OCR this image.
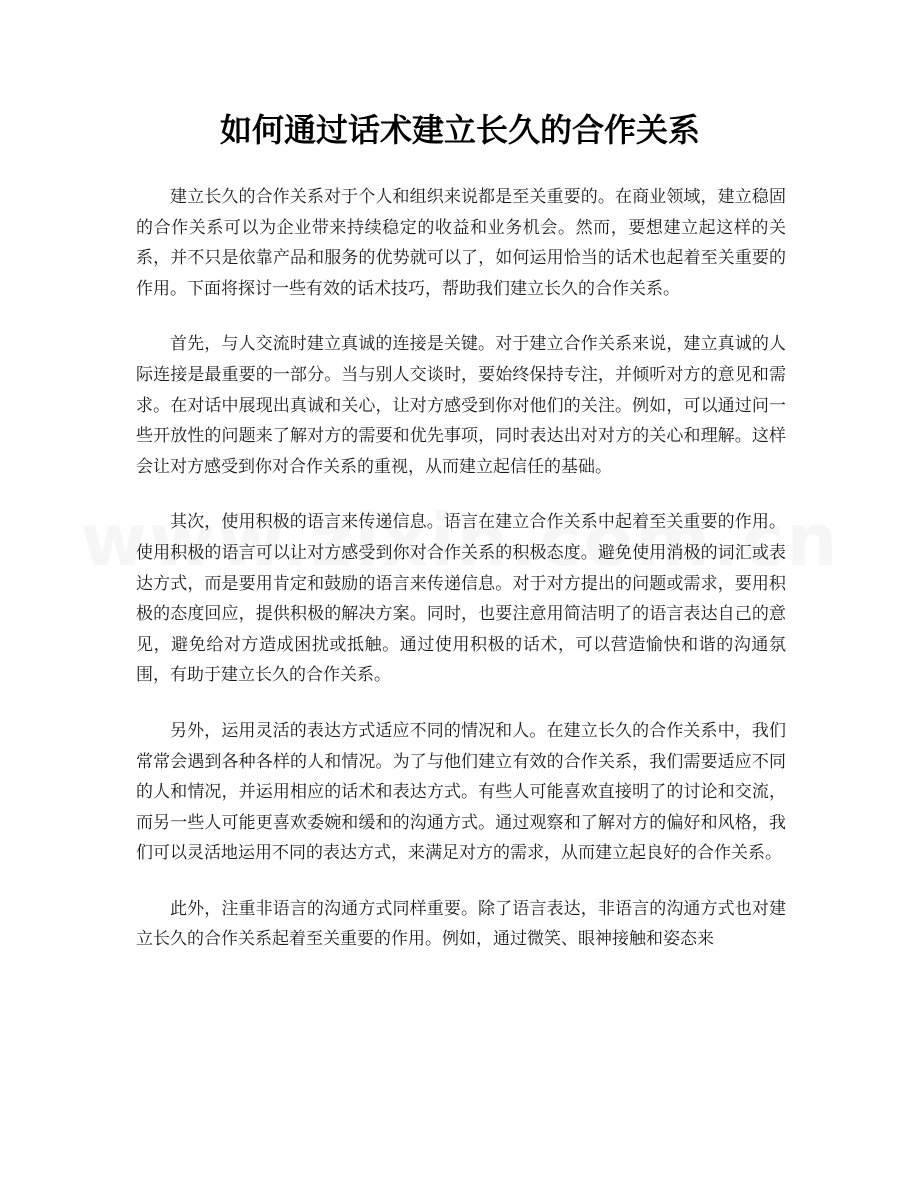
如何通过话术建立长久的合作关系

建立长久的合作关系对于个人和组织来说都是至关重要的。在商业领域，建立稳固的合作关系可以为企业带来持续稳定的收益和业务机会。然而，要想建立起这样的关系，并不只是依靠产品和服务的优势就可以了，如何运用恰当的话术也起着至关重要的作用。下面将探讨一些有效的话术技巧，帮助我们建立长久的合作关系。

首先，与人交流时建立真诚的连接是关键。对于建立合作关系来说，建立真诚的人际连接是最重要的一部分。当与别人交谈时，要始终保持专注，并倾听对方的意见和需求。在对话中展现出真诚和关心，让对方感受到你对他们的关注。例如，可以通过问一些开放性的问题来了解对方的需要和优先事项，同时表达出对对方的关心和理解。这样会让对方感受到你对合作关系的重视，从而建立起信任的基础。

其次，使用积极的语言来传递信息。语言在建立合作关系中起着至关重要的作用。使用积极的语言可以让对方感受到你对合作关系的积极态度。避免使用消极的词汇或表达方式，而是要用肯定和鼓励的语言来传递信息。对于对方提出的问题或需求，要用积极的态度回应，提供积极的解决方案。同时，也要注意用简洁明了的语言表达自己的意见，避免给对方造成困扰或抵触。通过使用积极的话术，可以营造愉快和谐的沟通氛围，有助于建立长久的合作关系。

另外，运用灵活的表达方式适应不同的情况和人。在建立长久的合作关系中，我们常常会遇到各种各样的人和情况。为了与他们建立有效的合作关系，我们需要适应不同的人和情况，并运用相应的话术和表达方式。有些人可能喜欢直接明了的讨论和交流，而另一些人可能更喜欢委婉和缓和的沟通方式。通过观察和了解对方的偏好和风格，我们可以灵活地运用不同的表达方式，来满足对方的需求，从而建立起良好的合作关系。

此外，注重非语言的沟通方式同样重要。除了语言表达，非语言的沟通方式也对建立长久的合作关系起着至关重要的作用。例如，通过微笑、眼神接触和姿态来
